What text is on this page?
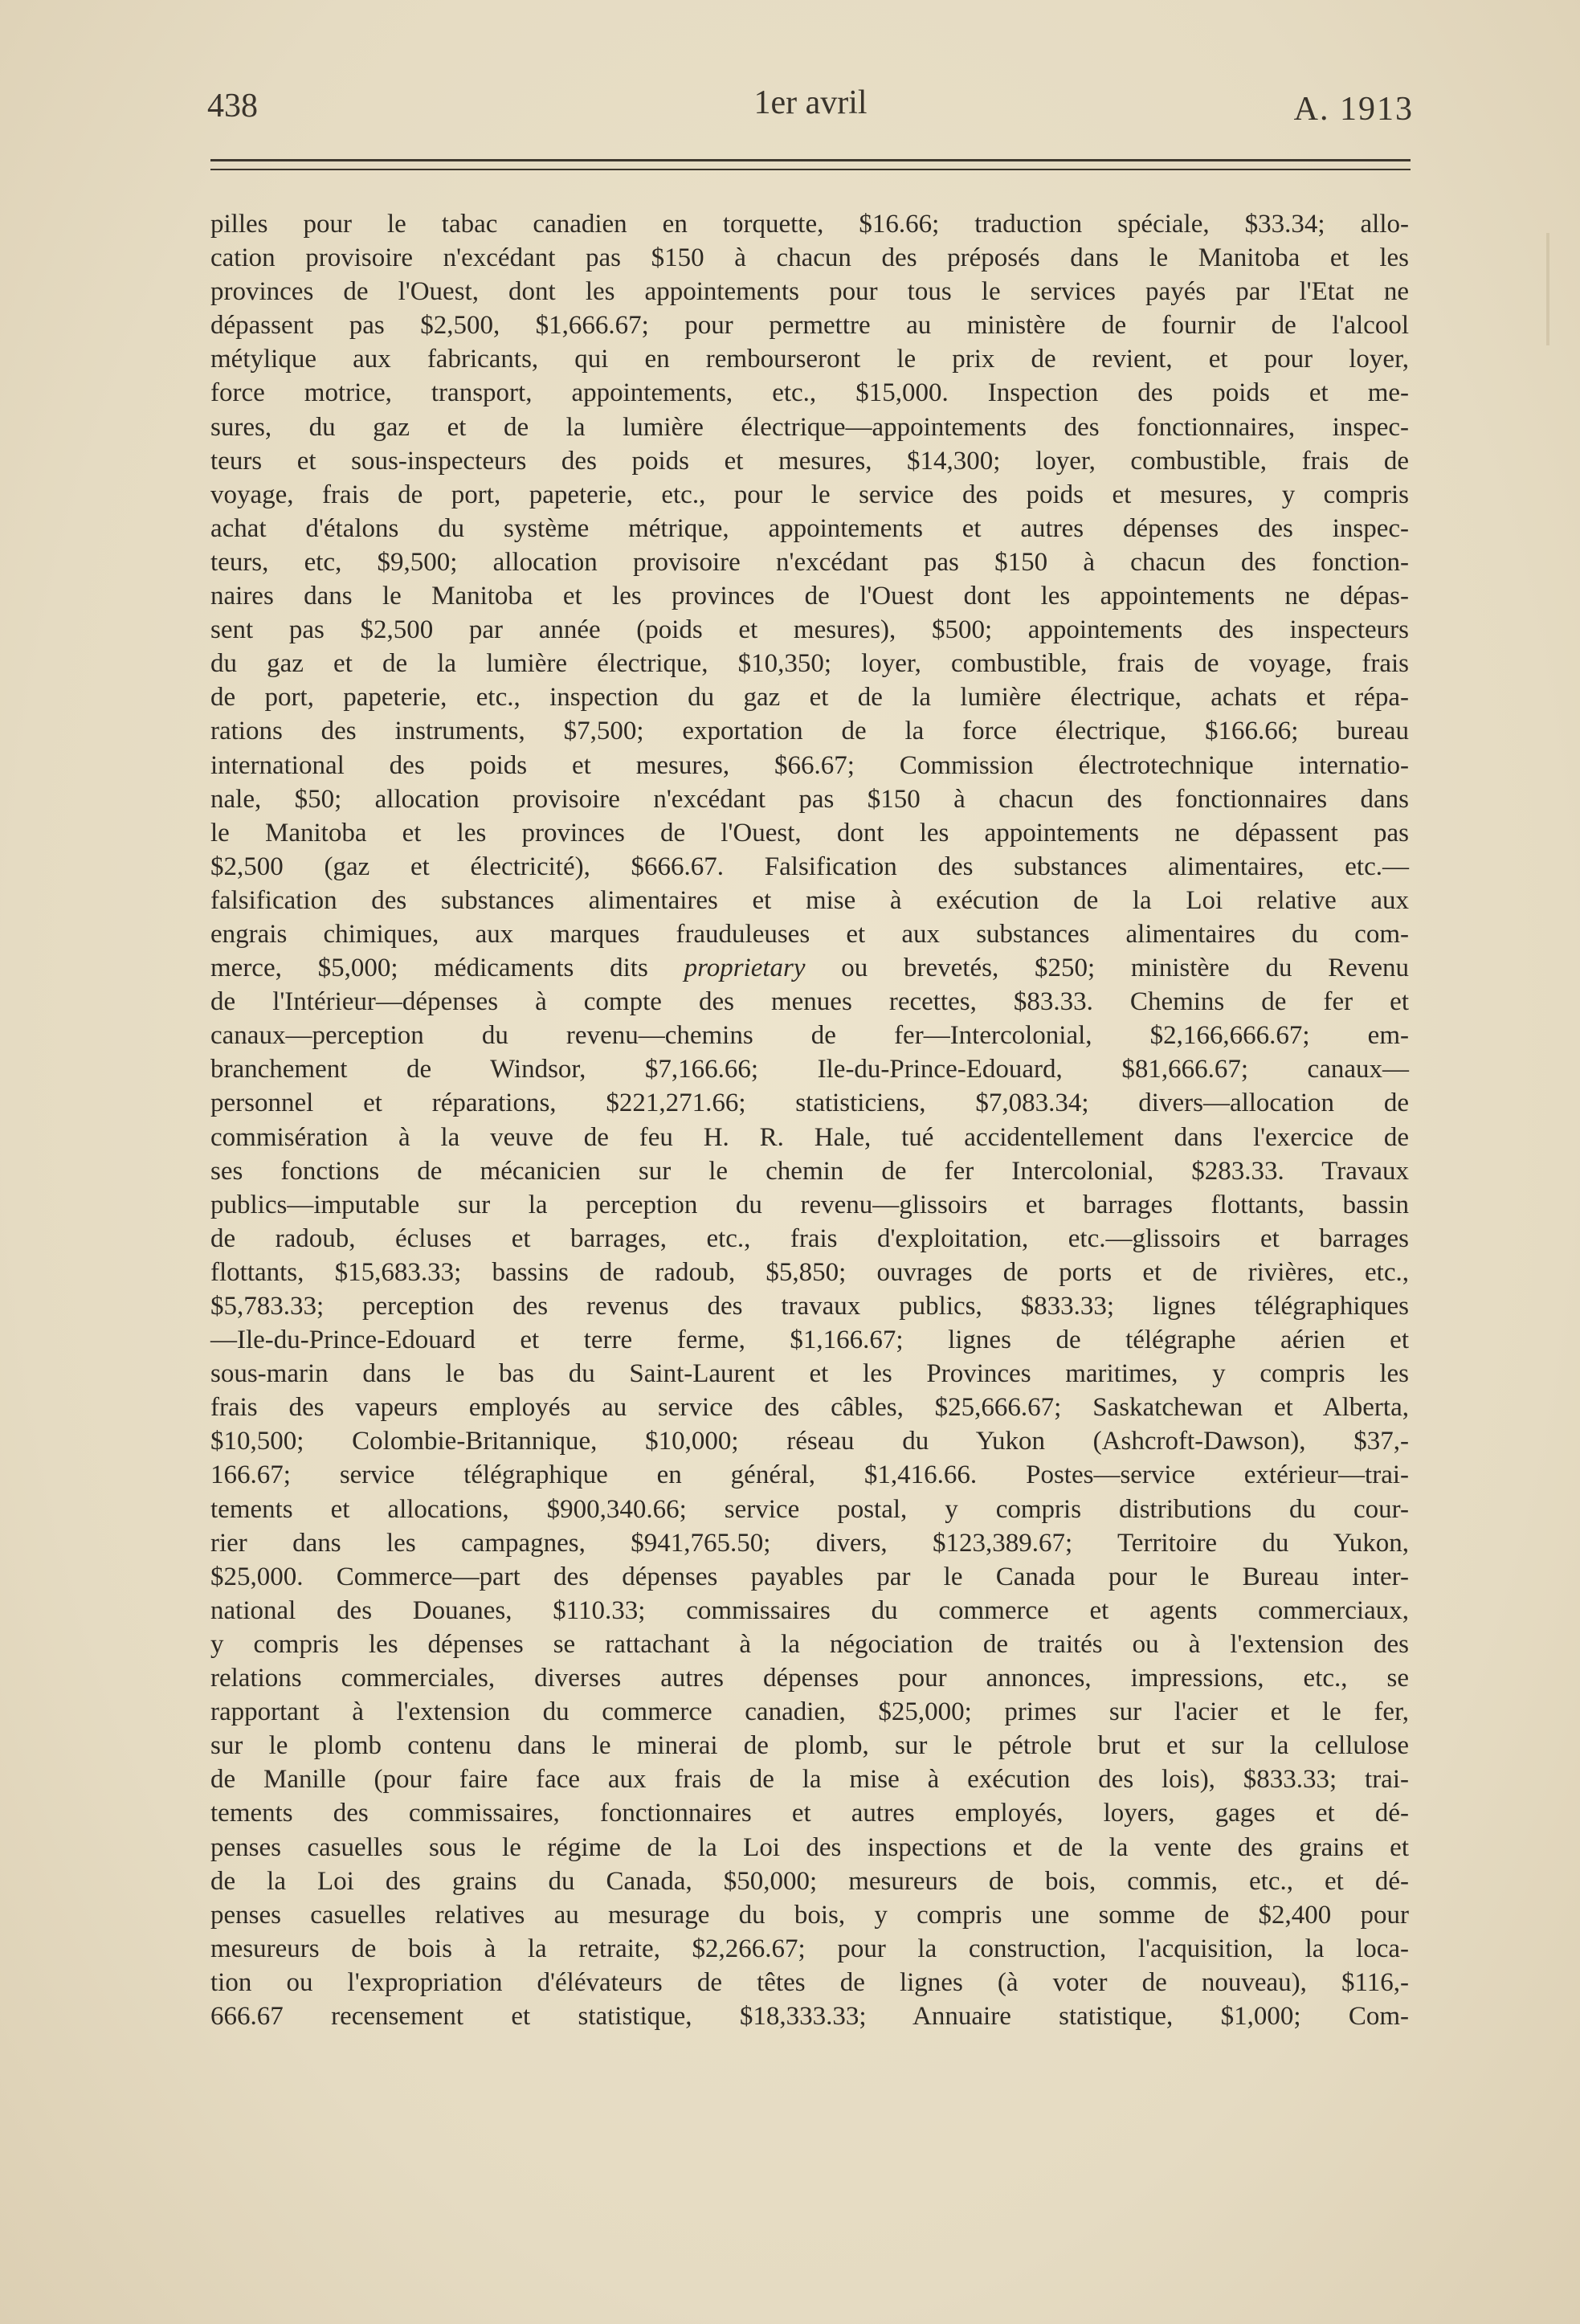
438	1er avril	A. 1913
pilles pour le tabac canadien en torquette, $16.66; traduction spéciale, $33.34; allo-
cation provisoire n'excédant pas $150 à chacun des préposés dans le Manitoba et les
provinces de l'Ouest, dont les appointements pour tous le services payés par l'Etat ne
dépassent pas $2,500, $1,666.67; pour permettre au ministère de fournir de l'alcool
métylique aux fabricants, qui en rembourseront le prix de revient, et pour loyer,
force motrice, transport, appointements, etc., $15,000. Inspection des poids et me-
sures, du gaz et de la lumière électrique—appointements des fonctionnaires, inspec-
teurs et sous-inspecteurs des poids et mesures, $14,300; loyer, combustible, frais de
voyage, frais de port, papeterie, etc., pour le service des poids et mesures, y compris
achat d'étalons du système métrique, appointements et autres dépenses des inspec-
teurs, etc, $9,500; allocation provisoire n'excédant pas $150 à chacun des fonction-
naires dans le Manitoba et les provinces de l'Ouest dont les appointements ne dépas-
sent pas $2,500 par année (poids et mesures), $500; appointements des inspecteurs
du gaz et de la lumière électrique, $10,350; loyer, combustible, frais de voyage, frais
de port, papeterie, etc., inspection du gaz et de la lumière électrique, achats et répa-
rations des instruments, $7,500; exportation de la force électrique, $166.66; bureau
international des poids et mesures, $66.67; Commission électrotechnique internatio-
nale, $50; allocation provisoire n'excédant pas $150 à chacun des fonctionnaires dans
le Manitoba et les provinces de l'Ouest, dont les appointements ne dépassent pas
$2,500 (gaz et électricité), $666.67. Falsification des substances alimentaires, etc.—
falsification des substances alimentaires et mise à exécution de la Loi relative aux
engrais chimiques, aux marques frauduleuses et aux substances alimentaires du com-
merce, $5,000; médicaments dits proprietary ou brevetés, $250; ministère du Revenu
de l'Intérieur—dépenses à compte des menues recettes, $83.33. Chemins de fer et
canaux—perception du revenu—chemins de fer—Intercolonial, $2,166,666.67; em-
branchement de Windsor, $7,166.66; Ile-du-Prince-Edouard, $81,666.67; canaux—
personnel et réparations, $221,271.66; statisticiens, $7,083.34; divers—allocation de
commisération à la veuve de feu H. R. Hale, tué accidentellement dans l'exercice de
ses fonctions de mécanicien sur le chemin de fer Intercolonial, $283.33. Travaux
publics—imputable sur la perception du revenu—glissoirs et barrages flottants, bassin
de radoub, écluses et barrages, etc., frais d'exploitation, etc.—glissoirs et barrages
flottants, $15,683.33; bassins de radoub, $5,850; ouvrages de ports et de rivières, etc.,
$5,783.33; perception des revenus des travaux publics, $833.33; lignes télégraphiques
—Ile-du-Prince-Edouard et terre ferme, $1,166.67; lignes de télégraphe aérien et
sous-marin dans le bas du Saint-Laurent et les Provinces maritimes, y compris les
frais des vapeurs employés au service des câbles, $25,666.67; Saskatchewan et Alberta,
$10,500; Colombie-Britannique, $10,000; réseau du Yukon (Ashcroft-Dawson), $37,-
166.67; service télégraphique en général, $1,416.66. Postes—service extérieur—trai-
tements et allocations, $900,340.66; service postal, y compris distributions du cour-
rier dans les campagnes, $941,765.50; divers, $123,389.67; Territoire du Yukon,
$25,000. Commerce—part des dépenses payables par le Canada pour le Bureau inter-
national des Douanes, $110.33; commissaires du commerce et agents commerciaux,
y compris les dépenses se rattachant à la négociation de traités ou à l'extension des
relations commerciales, diverses autres dépenses pour annonces, impressions, etc., se
rapportant à l'extension du commerce canadien, $25,000; primes sur l'acier et le fer,
sur le plomb contenu dans le minerai de plomb, sur le pétrole brut et sur la cellulose
de Manille (pour faire face aux frais de la mise à exécution des lois), $833.33; trai-
tements des commissaires, fonctionnaires et autres employés, loyers, gages et dé-
penses casuelles sous le régime de la Loi des inspections et de la vente des grains et
de la Loi des grains du Canada, $50,000; mesureurs de bois, commis, etc., et dé-
penses casuelles relatives au mesurage du bois, y compris une somme de $2,400 pour
mesureurs de bois à la retraite, $2,266.67; pour la construction, l'acquisition, la loca-
tion ou l'expropriation d'élévateurs de têtes de lignes (à voter de nouveau), $116,-
666.67 recensement et statistique, $18,333.33; Annuaire statistique, $1,000; Com-
